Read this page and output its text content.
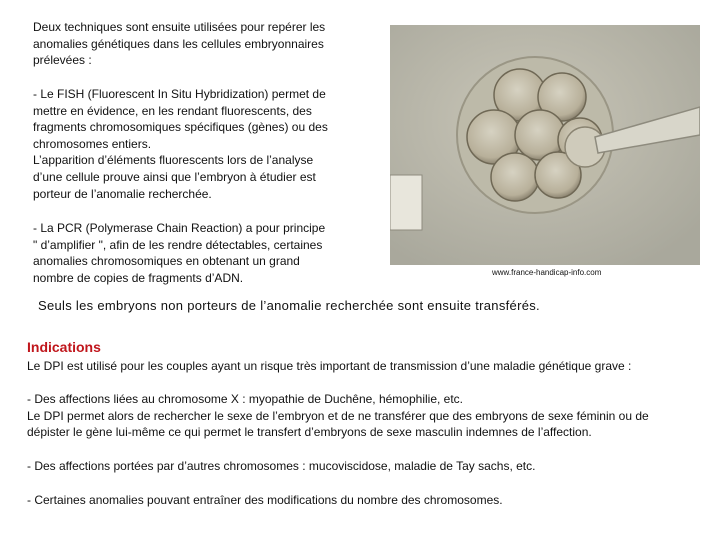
Deux techniques sont ensuite utilisées pour repérer les
anomalies génétiques dans les cellules embryonnaires
prélevées :
- Le FISH (Fluorescent In Situ Hybridization) permet de
mettre en évidence, en les rendant fluorescents, des
fragments chromosomiques spécifiques (gènes) ou des
chromosomes entiers.
L’apparition d’éléments fluorescents lors de l’analyse
d’une cellule prouve ainsi que l’embryon à étudier est
porteur de l’anomalie recherchée.
- La PCR (Polymerase Chain Reaction) a pour principe
" d’amplifier ", afin de les rendre détectables, certaines
anomalies chromosomiques en obtenant un grand
nombre de copies de fragments d’ADN.	www.france-handicap-info.com
Seuls les embryons non porteurs de l’anomalie recherchée sont ensuite transférés.
Indications
Le DPI est utilisé pour les couples ayant un risque très important de transmission d’une maladie génétique grave :
- Des affections liées au chromosome X : myopathie de Duchêne, hémophilie, etc.
Le DPI permet alors de rechercher le sexe de l’embryon et de ne transférer que des embryons de sexe féminin ou de
dépister le gène lui-même ce qui permet le transfert d’embryons de sexe masculin indemnes de l’affection.
- Des affections portées par d’autres chromosomes : mucoviscidose, maladie de Tay sachs, etc.
- Certaines anomalies pouvant entraîner des modifications du nombre des chromosomes.
